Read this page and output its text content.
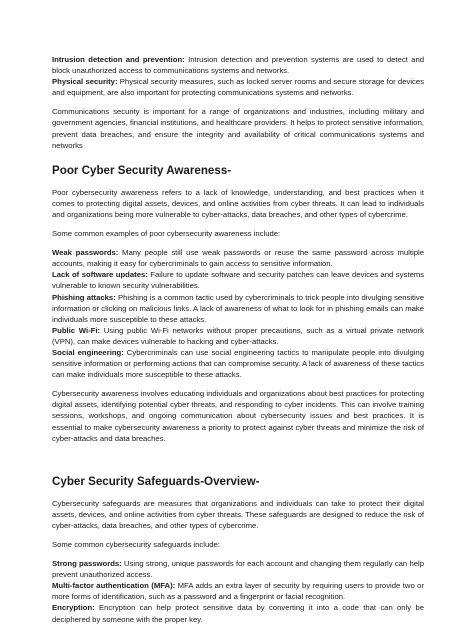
Intrusion detection and prevention: Intrusion detection and prevention systems are used to detect and block unauthorized access to communications systems and networks.

Physical security: Physical security measures, such as locked server rooms and secure storage for devices and equipment, are also important for protecting communications systems and networks.

Communications security is important for a range of organizations and industries, including military and government agencies, financial institutions, and healthcare providers. It helps to protect sensitive information, prevent data breaches, and ensure the integrity and availability of critical communications systems and networks

Poor Cyber Security Awareness-

Poor cybersecurity awareness refers to a lack of knowledge, understanding, and best practices when it comes to protecting digital assets, devices, and online activities from cyber threats. It can lead to individuals and organizations being more vulnerable to cyber-attacks, data breaches, and other types of cybercrime.

Some common examples of poor cybersecurity awareness include:

Weak passwords: Many people still use weak passwords or reuse the same password across multiple accounts, making it easy for cybercriminals to gain access to sensitive information.

Lack of software updates: Failure to update software and security patches can leave devices and systems vulnerable to known security vulnerabilities.

Phishing attacks: Phishing is a common tactic used by cybercriminals to trick people into divulging sensitive information or clicking on malicious links. A lack of awareness of what to look for in phishing emails can make individuals more susceptible to these attacks.

Public Wi-Fi: Using public Wi-Fi networks without proper precautions, such as a virtual private network (VPN), can make devices vulnerable to hacking and cyber-attacks.

Social engineering: Cybercriminals can use social engineering tactics to manipulate people into divulging sensitive information or performing actions that can compromise security. A lack of awareness of these tactics can make individuals more susceptible to these attacks.

Cybersecurity awareness involves educating individuals and organizations about best practices for protecting digital assets, identifying potential cyber threats, and responding to cyber incidents. This can involve training sessions, workshops, and ongoing communication about cybersecurity issues and best practices. It is essential to make cybersecurity awareness a priority to protect against cyber threats and minimize the risk of cyber-attacks and data breaches.

Cyber Security Safeguards-Overview-

Cybersecurity safeguards are measures that organizations and individuals can take to protect their digital assets, devices, and online activities from cyber threats. These safeguards are designed to reduce the risk of cyber-attacks, data breaches, and other types of cybercrime.

Some common cybersecurity safeguards include:

Strong passwords: Using strong, unique passwords for each account and changing them regularly can help prevent unauthorized access.

Multi-factor authentication (MFA): MFA adds an extra layer of security by requiring users to provide two or more forms of identification, such as a password and a fingerprint or facial recognition.

Encryption: Encryption can help protect sensitive data by converting it into a code that can only be deciphered by someone with the proper key.
